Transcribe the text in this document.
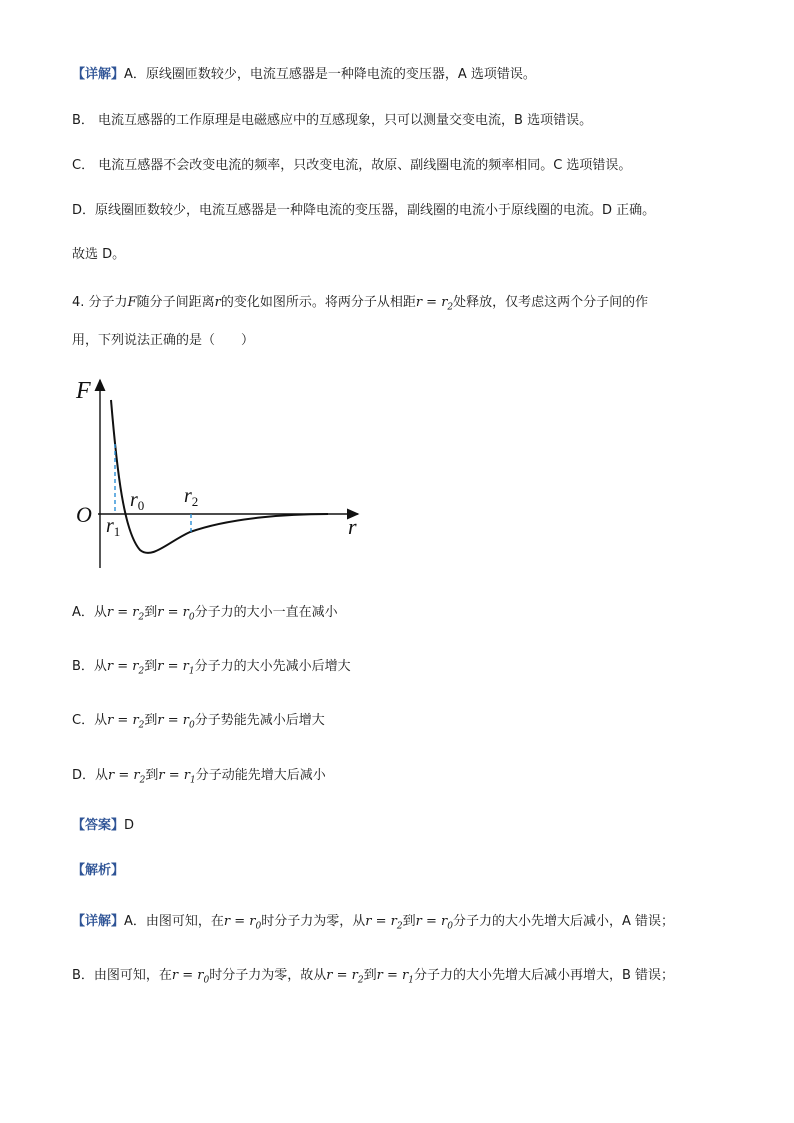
【详解】A．原线圈匝数较少，电流互感器是一种降电流的变压器，A 选项错误。
B． 电流互感器的工作原理是电磁感应中的互感现象，只可以测量交变电流，B 选项错误。
C． 电流互感器不会改变电流的频率，只改变电流，故原、副线圈电流的频率相同。C 选项错误。
D．原线圈匝数较少，电流互感器是一种降电流的变压器，副线圈的电流小于原线圈的电流。D 正确。
故选 D。
4. 分子力F随分子间距离r的变化如图所示。将两分子从相距$r = r_2$处释放，仅考虑这两个分子间的作
用，下列说法正确的是（　　）
F
O	r
$r_0$ $r_2$
$r_1$
A．从$r = r_2$到$r = r_0$分子力的大小一直在减小
B．从$r = r_2$到$r = r_1$分子力的大小先减小后增大
C．从$r = r_2$到$r = r_0$分子势能先减小后增大
D．从$r = r_2$到$r = r_1$分子动能先增大后减小
【答案】D
【解析】
【详解】A．由图可知，在$r = r_0$时分子力为零，从$r = r_2$到$r = r_0$分子力的大小先增大后减小，A 错误；
B．由图可知，在$r = r_0$时分子力为零，故从$r = r_2$到$r = r_1$分子力的大小先增大后减小再增大，B 错误；
